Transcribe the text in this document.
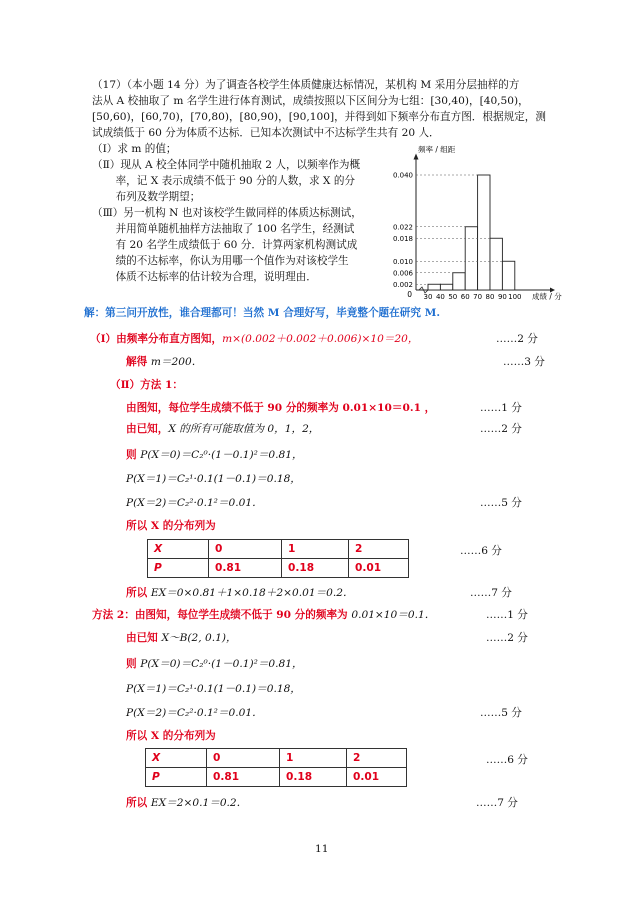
（17）（本小题 14 分）为了调查各校学生体质健康达标情况，某机构 M 采用分层抽样的方
法从 A 校抽取了 m 名学生进行体育测试，成绩按照以下区间分为七组：[30,40)，[40,50)，
[50,60)，[60,70)，[70,80)，[80,90)，[90,100]，并得到如下频率分布直方图．根据规定，测
试成绩低于 60 分为体质不达标．已知本次测试中不达标学生共有 20 人．
（Ⅰ）求 m 的值；
（Ⅱ）现从 A 校全体同学中随机抽取 2 人，以频率作为概
率，记 X 表示成绩不低于 90 分的人数，求 X 的分
布列及数学期望；
（Ⅲ）另一机构 N 也对该校学生做同样的体质达标测试，
并用简单随机抽样方法抽取了 100 名学生，经测试
有 20 名学生成绩低于 60 分．计算两家机构测试成
绩的不达标率，你认为用哪一个值作为对该校学生
体质不达标率的估计较为合理，说明理由．
0.040
0.022
0.018
0.010
0.006
0.002
30 40 50 60 70 80 90 100
频率 / 组距
成绩 / 分
0
解：第三问开放性，谁合理都可！当然 M 合理好写，毕竟整个题在研究 M.
（Ⅰ）由频率分布直方图知，m×(0.002＋0.002＋0.006)×10＝20，	……2 分
解得 m＝200．	……3 分
（Ⅱ）方法 1：
由图知，每位学生成绩不低于 90 分的频率为 0.01×10＝0.1 ，	……1 分
由已知，X 的所有可能取值为 0，1，2，	……2 分
则 P(X＝0)＝C₂⁰·(1－0.1)²＝0.81，
P(X＝1)＝C₂¹·0.1(1－0.1)＝0.18，
P(X＝2)＝C₂²·0.1²＝0.01．	……5 分
所以 X 的分布列为
X	0	1	2
P	0.81	0.18	0.01
……6 分
所以 EX＝0×0.81＋1×0.18＋2×0.01＝0.2．	……7 分
方法 2：由图知，每位学生成绩不低于 90 分的频率为 0.01×10＝0.1．	……1 分
由已知 X～B(2, 0.1)，	……2 分
则 P(X＝0)＝C₂⁰·(1－0.1)²＝0.81，
P(X＝1)＝C₂¹·0.1(1－0.1)＝0.18，
P(X＝2)＝C₂²·0.1²＝0.01．	……5 分
所以 X 的分布列为
X	0	1	2
P	0.81	0.18	0.01
……6 分
所以 EX＝2×0.1＝0.2．	……7 分
11
